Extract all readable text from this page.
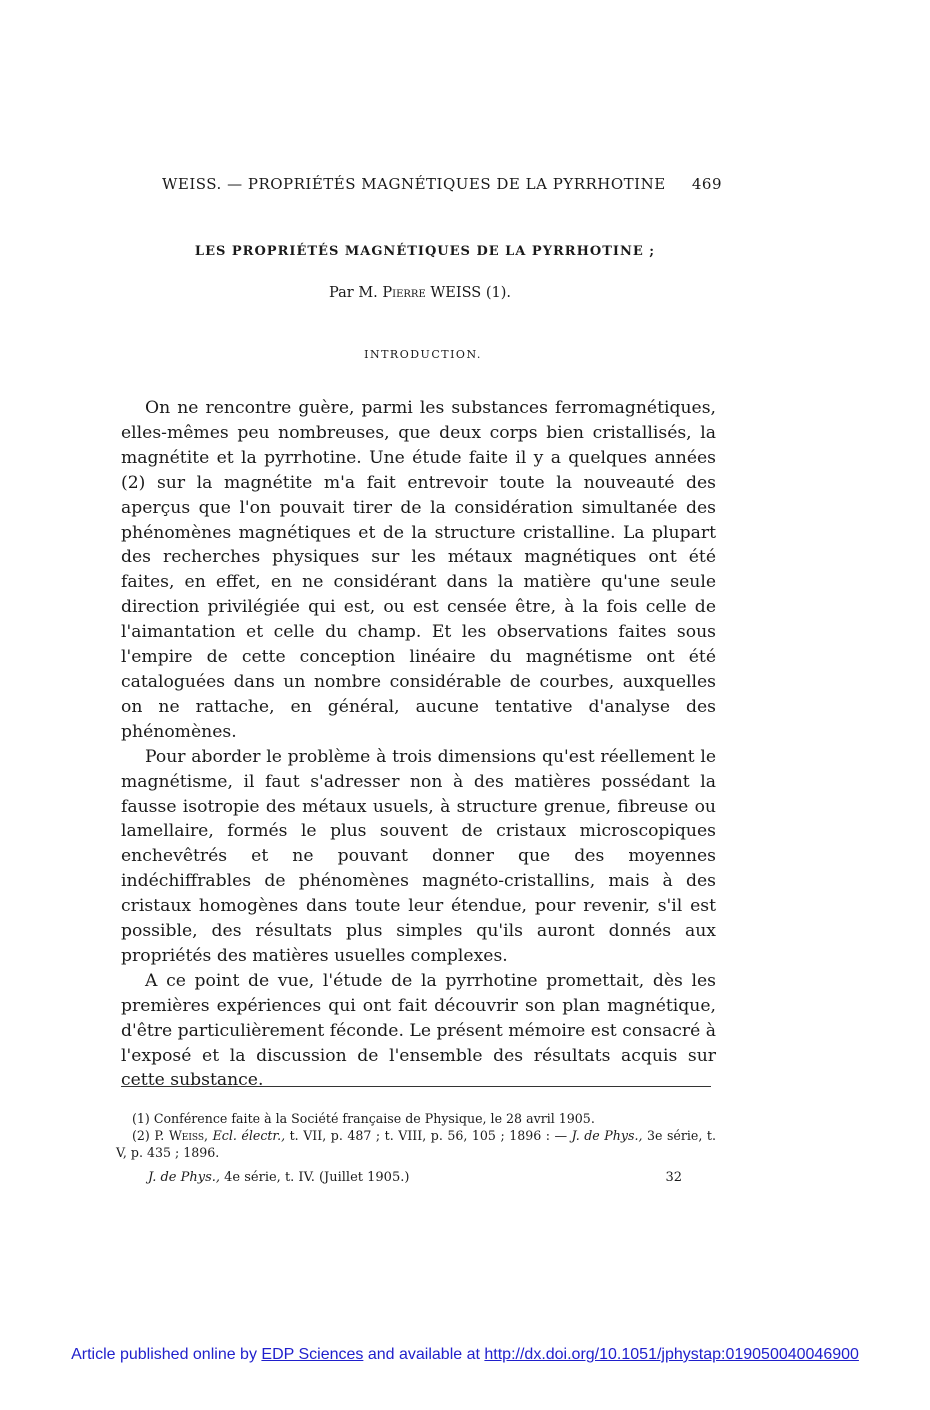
WEISS. — PROPRIÉTÉS MAGNÉTIQUES DE LA PYRRHOTINE 469
LES PROPRIÉTÉS MAGNÉTIQUES DE LA PYRRHOTINE ;
Par M. Pierre WEISS (1).
INTRODUCTION.

On ne rencontre guère, parmi les substances ferromagnétiques, elles-mêmes peu nombreuses, que deux corps bien cristallisés, la magnétite et la pyrrhotine. Une étude faite il y a quelques années (2) sur la magnétite m'a fait entrevoir toute la nouveauté des aperçus que l'on pouvait tirer de la considération simultanée des phénomènes magnétiques et de la structure cristalline. La plupart des recherches physiques sur les métaux magnétiques ont été faites, en effet, en ne considérant dans la matière qu'une seule direction privilégiée qui est, ou est censée être, à la fois celle de l'aimantation et celle du champ. Et les observations faites sous l'empire de cette conception linéaire du magnétisme ont été cataloguées dans un nombre considérable de courbes, auxquelles on ne rattache, en général, aucune tentative d'analyse des phénomènes.

Pour aborder le problème à trois dimensions qu'est réellement le magnétisme, il faut s'adresser non à des matières possédant la fausse isotropie des métaux usuels, à structure grenue, fibreuse ou lamellaire, formés le plus souvent de cristaux microscopiques enchevêtrés et ne pouvant donner que des moyennes indéchiffrables de phénomènes magnéto-cristallins, mais à des cristaux homogènes dans toute leur étendue, pour revenir, s'il est possible, des résultats plus simples qu'ils auront donnés aux propriétés des matières usuelles complexes.

A ce point de vue, l'étude de la pyrrhotine promettait, dès les premières expériences qui ont fait découvrir son plan magnétique, d'être particulièrement féconde. Le présent mémoire est consacré à l'exposé et la discussion de l'ensemble des résultats acquis sur cette substance.

(1) Conférence faite à la Société française de Physique, le 28 avril 1905.

(2) P. Weiss, Ecl. électr., t. VII, p. 487 ; t. VIII, p. 56, 105 ; 1896 : — J. de Phys., 3e série, t. V, p. 435 ; 1896.

J. de Phys., 4e série, t. IV. (Juillet 1905.)	32
Article published online by EDP Sciences and available at http://dx.doi.org/10.1051/jphystap:019050040046900
